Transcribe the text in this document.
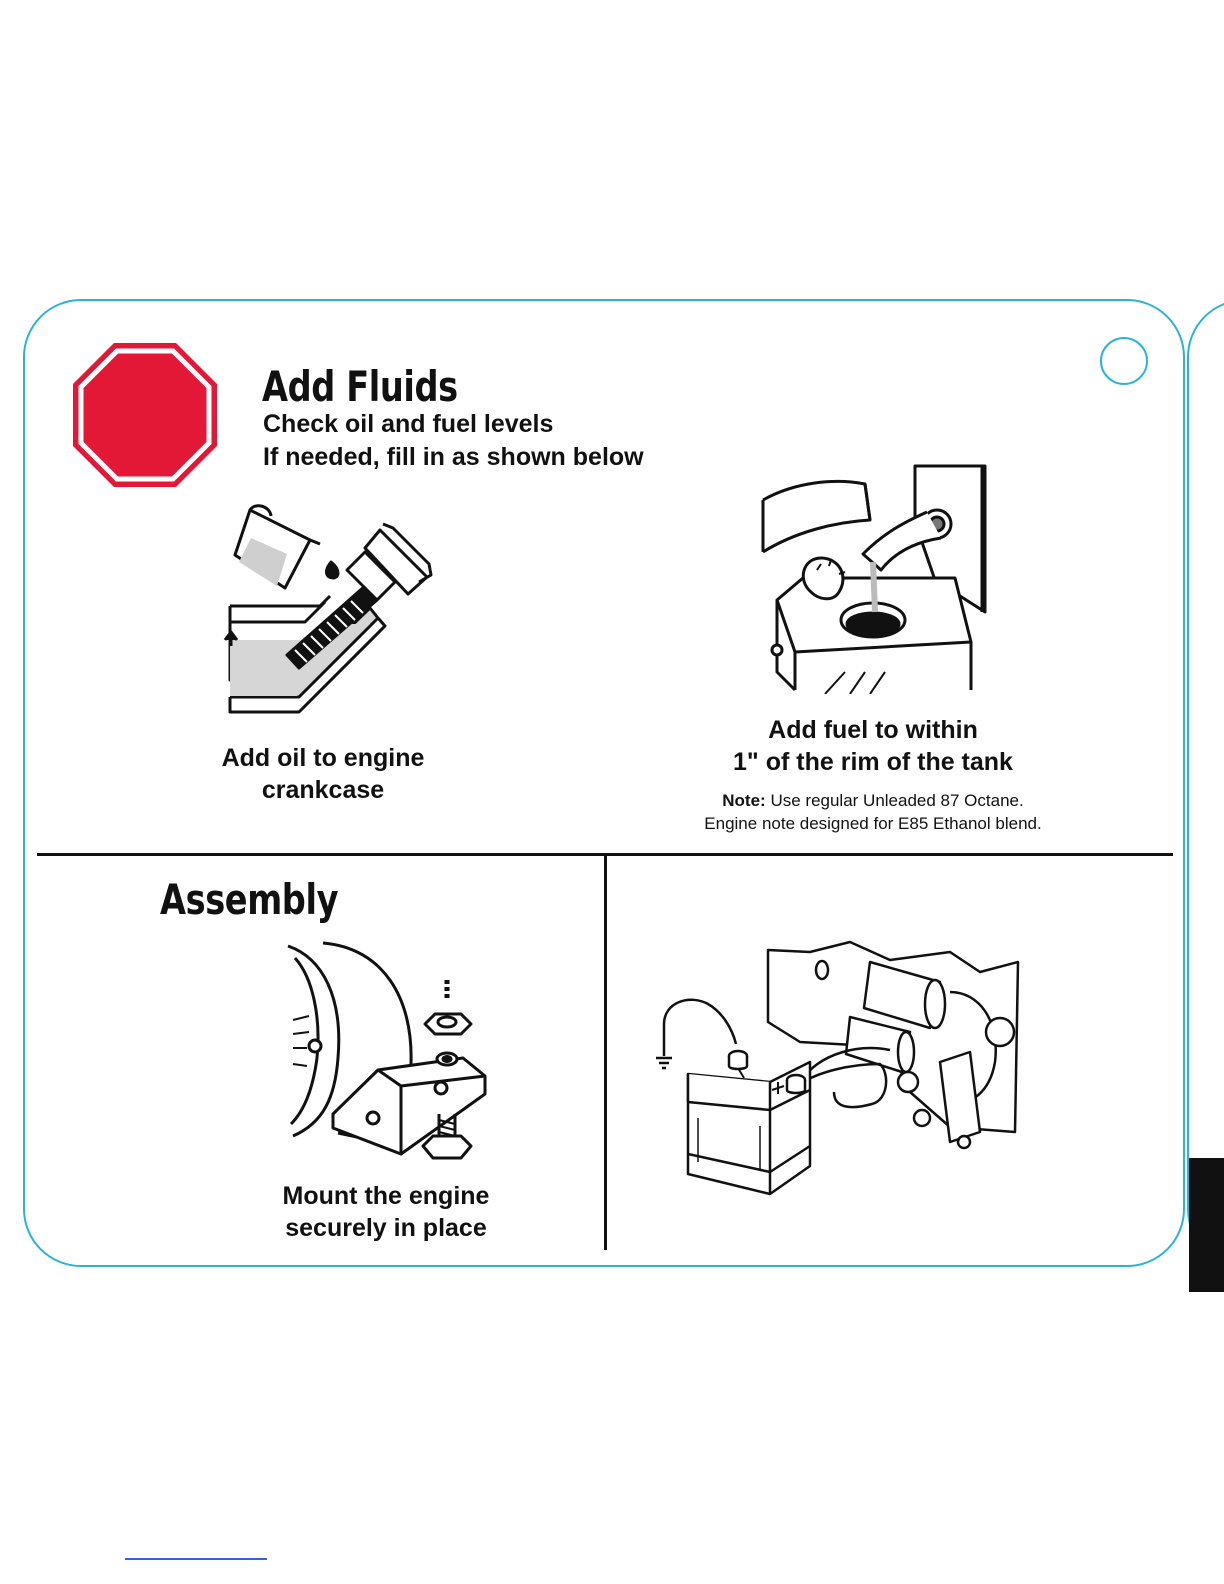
Add Fluids
Check oil and fuel levels
If needed, fill in as shown below
Add oil to engine
crankcase
Add fuel to within
1" of the rim of the tank
Note: Use regular Unleaded 87 Octane.
Engine note designed for E85 Ethanol blend.
Assembly
Mount the engine
securely in place
